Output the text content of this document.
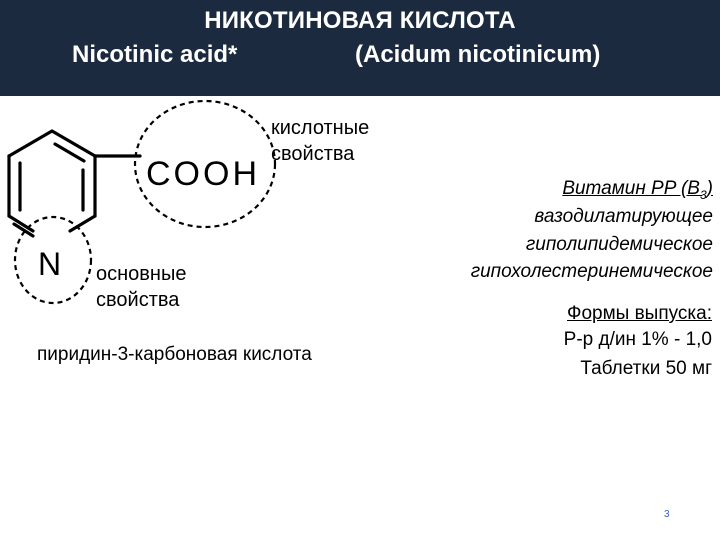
НИКОТИНОВАЯ КИСЛОТА
Nicotinic acid*	(Acidum nicotinicum)
COOH
N
кислотные
свойства
основные
свойства
пиридин-3-карбоновая кислота
Витамин PP $(B_3)$
вазодилатирующее
гиполипидемическое
гипохолестеринемическое
Формы выпуска:
Р-р д/ин 1% - 1,0
Таблетки 50 мг
3
